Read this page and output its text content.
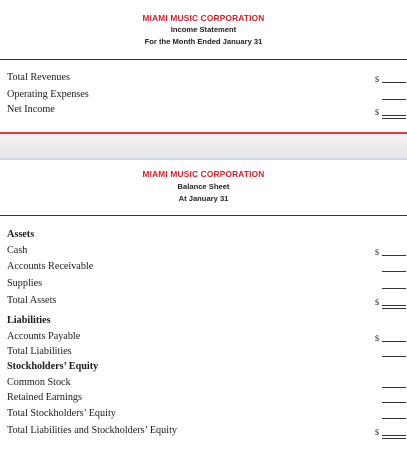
MIAMI MUSIC CORPORATION
Income Statement
For the Month Ended January 31
Total Revenues
Operating Expenses
Net Income
$
$
MIAMI MUSIC CORPORATION
Balance Sheet
At January 31
Assets
Cash
Accounts Receivable
Supplies
Total Assets
Liabilities
Accounts Payable
Total Liabilities
Stockholders’ Equity
Common Stock
Retained Earnings
Total Stockholders’ Equity
Total Liabilities and Stockholders’ Equity
$
$
$
$
